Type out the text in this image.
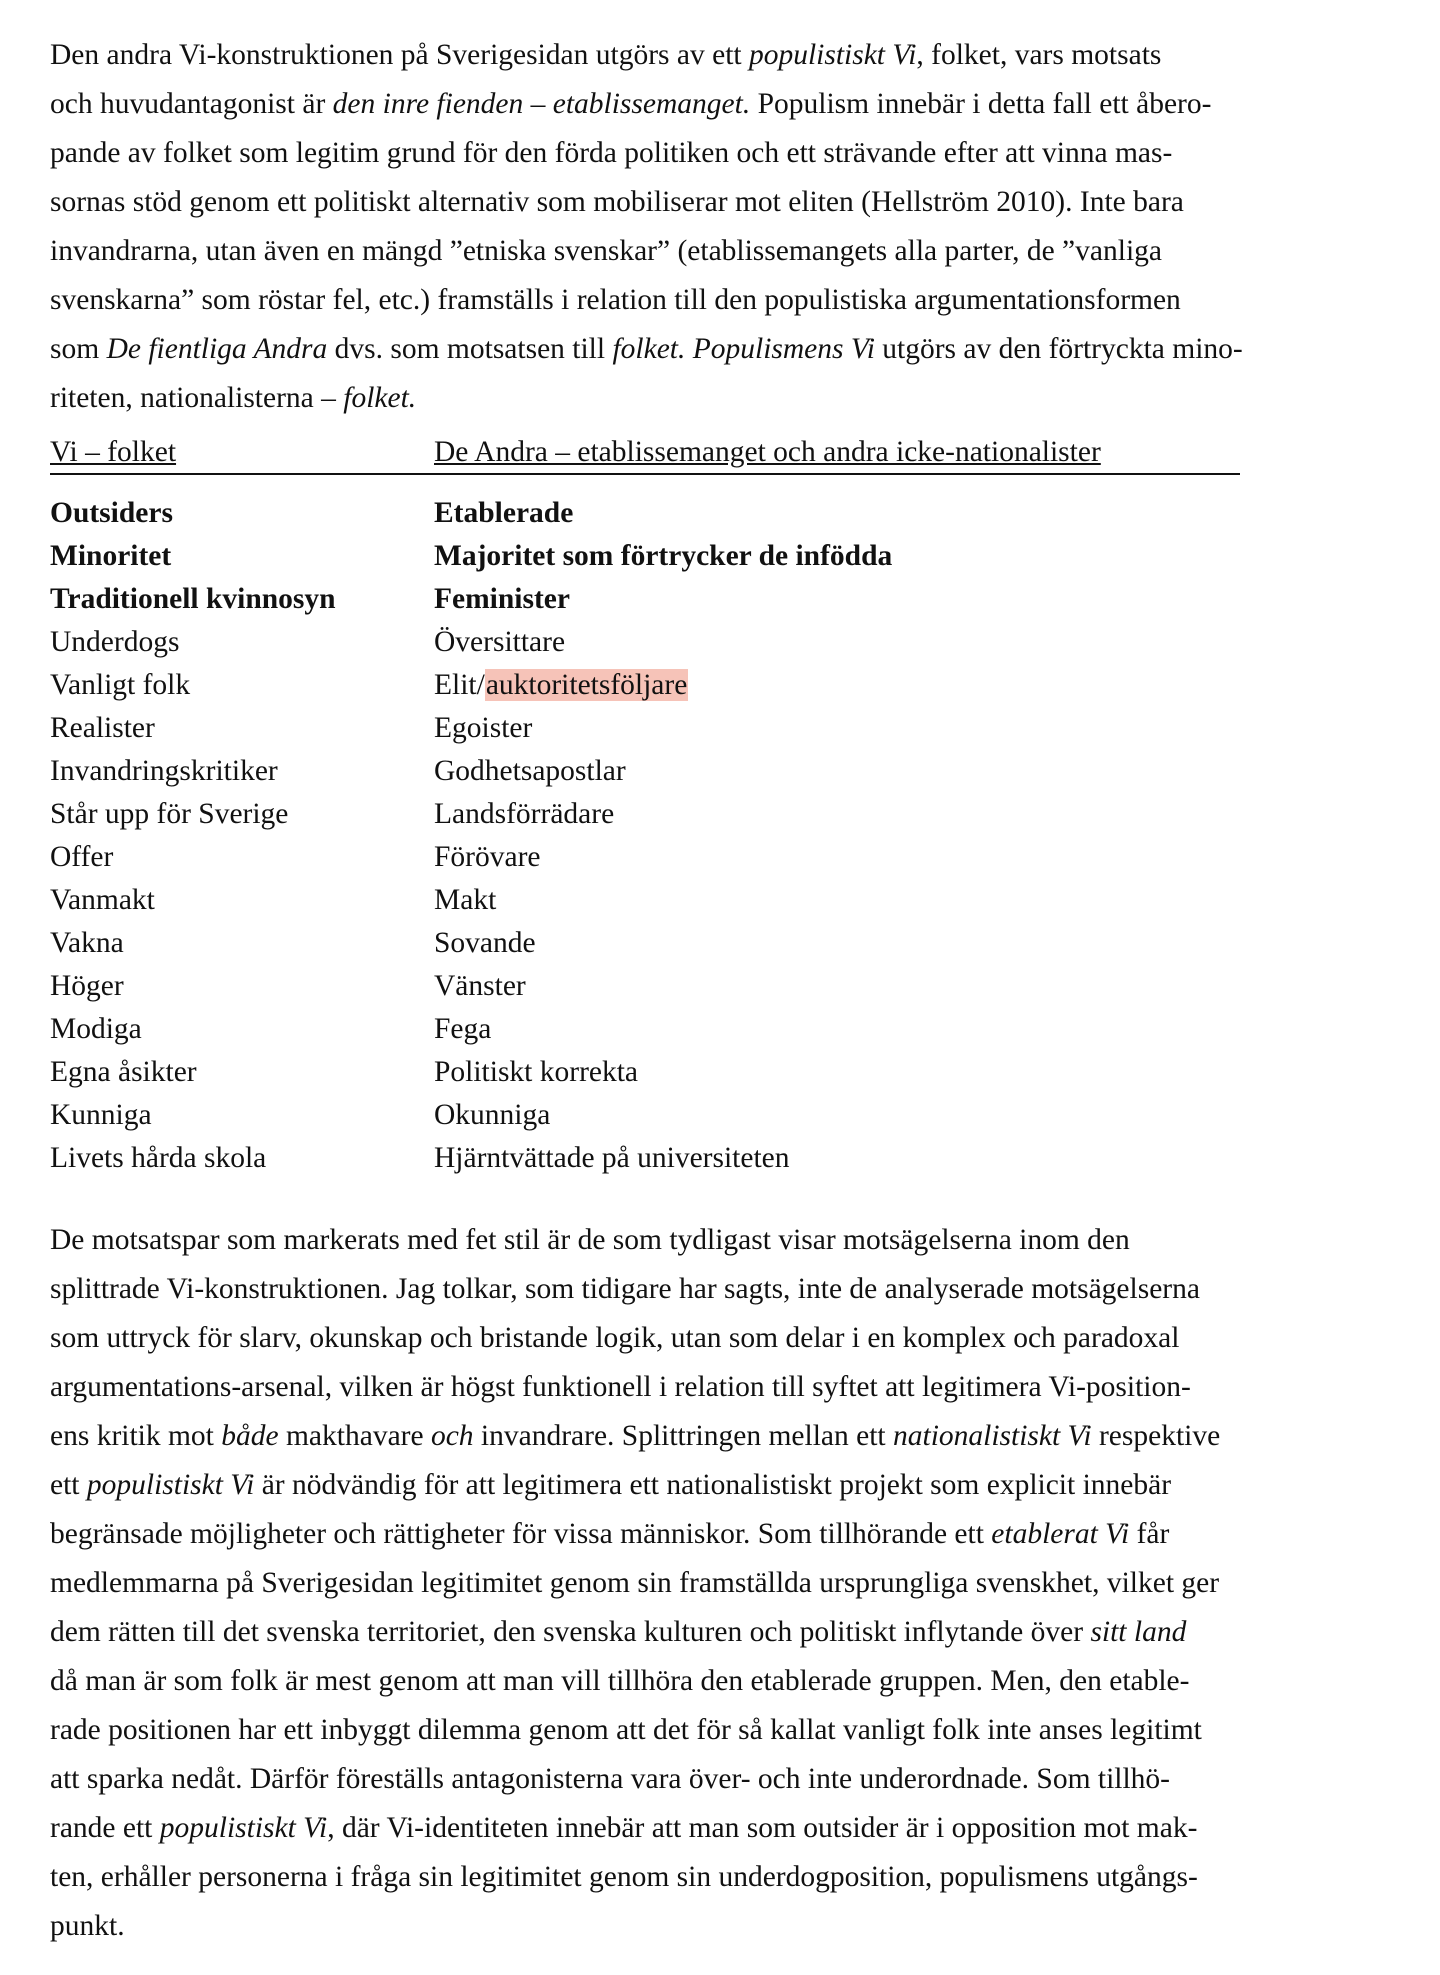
Den andra Vi-konstruktionen på Sverigesidan utgörs av ett populistiskt Vi, folket, vars motsats
och huvudantagonist är den inre fienden – etablissemanget. Populism innebär i detta fall ett åbero-
pande av folket som legitim grund för den förda politiken och ett strävande efter att vinna mas-
sornas stöd genom ett politiskt alternativ som mobiliserar mot eliten (Hellström 2010). Inte bara
invandrarna, utan även en mängd ”etniska svenskar” (etablissemangets alla parter, de ”vanliga
svenskarna” som röstar fel, etc.) framställs i relation till den populistiska argumentationsformen
som De fientliga Andra dvs. som motsatsen till folket. Populismens Vi utgörs av den förtryckta mino-
riteten, nationalisterna – folket.
Vi – folket	De Andra – etablissemanget och andra icke-nationalister
Outsiders	Etablerade
Minoritet	Majoritet som förtrycker de infödda
Traditionell kvinnosyn	Feminister
Underdogs	Översittare
Vanligt folk	Elit/auktoritetsföljare
Realister	Egoister
Invandringskritiker	Godhetsapostlar
Står upp för Sverige	Landsförrädare
Offer	Förövare
Vanmakt	Makt
Vakna	Sovande
Höger	Vänster
Modiga	Fega
Egna åsikter	Politiskt korrekta
Kunniga	Okunniga
Livets hårda skola	Hjärntvättade på universiteten
De motsatspar som markerats med fet stil är de som tydligast visar motsägelserna inom den
splittrade Vi-konstruktionen. Jag tolkar, som tidigare har sagts, inte de analyserade motsägelserna
som uttryck för slarv, okunskap och bristande logik, utan som delar i en komplex och paradoxal
argumentations-arsenal, vilken är högst funktionell i relation till syftet att legitimera Vi-position-
ens kritik mot både makthavare och invandrare. Splittringen mellan ett nationalistiskt Vi respektive
ett populistiskt Vi är nödvändig för att legitimera ett nationalistiskt projekt som explicit innebär
begränsade möjligheter och rättigheter för vissa människor. Som tillhörande ett etablerat Vi får
medlemmarna på Sverigesidan legitimitet genom sin framställda ursprungliga svenskhet, vilket ger
dem rätten till det svenska territoriet, den svenska kulturen och politiskt inflytande över sitt land
då man är som folk är mest genom att man vill tillhöra den etablerade gruppen. Men, den etable-
rade positionen har ett inbyggt dilemma genom att det för så kallat vanligt folk inte anses legitimt
att sparka nedåt. Därför föreställs antagonisterna vara över- och inte underordnade. Som tillhö-
rande ett populistiskt Vi, där Vi-identiteten innebär att man som outsider är i opposition mot mak-
ten, erhåller personerna i fråga sin legitimitet genom sin underdogposition, populismens utgångs-
punkt.
